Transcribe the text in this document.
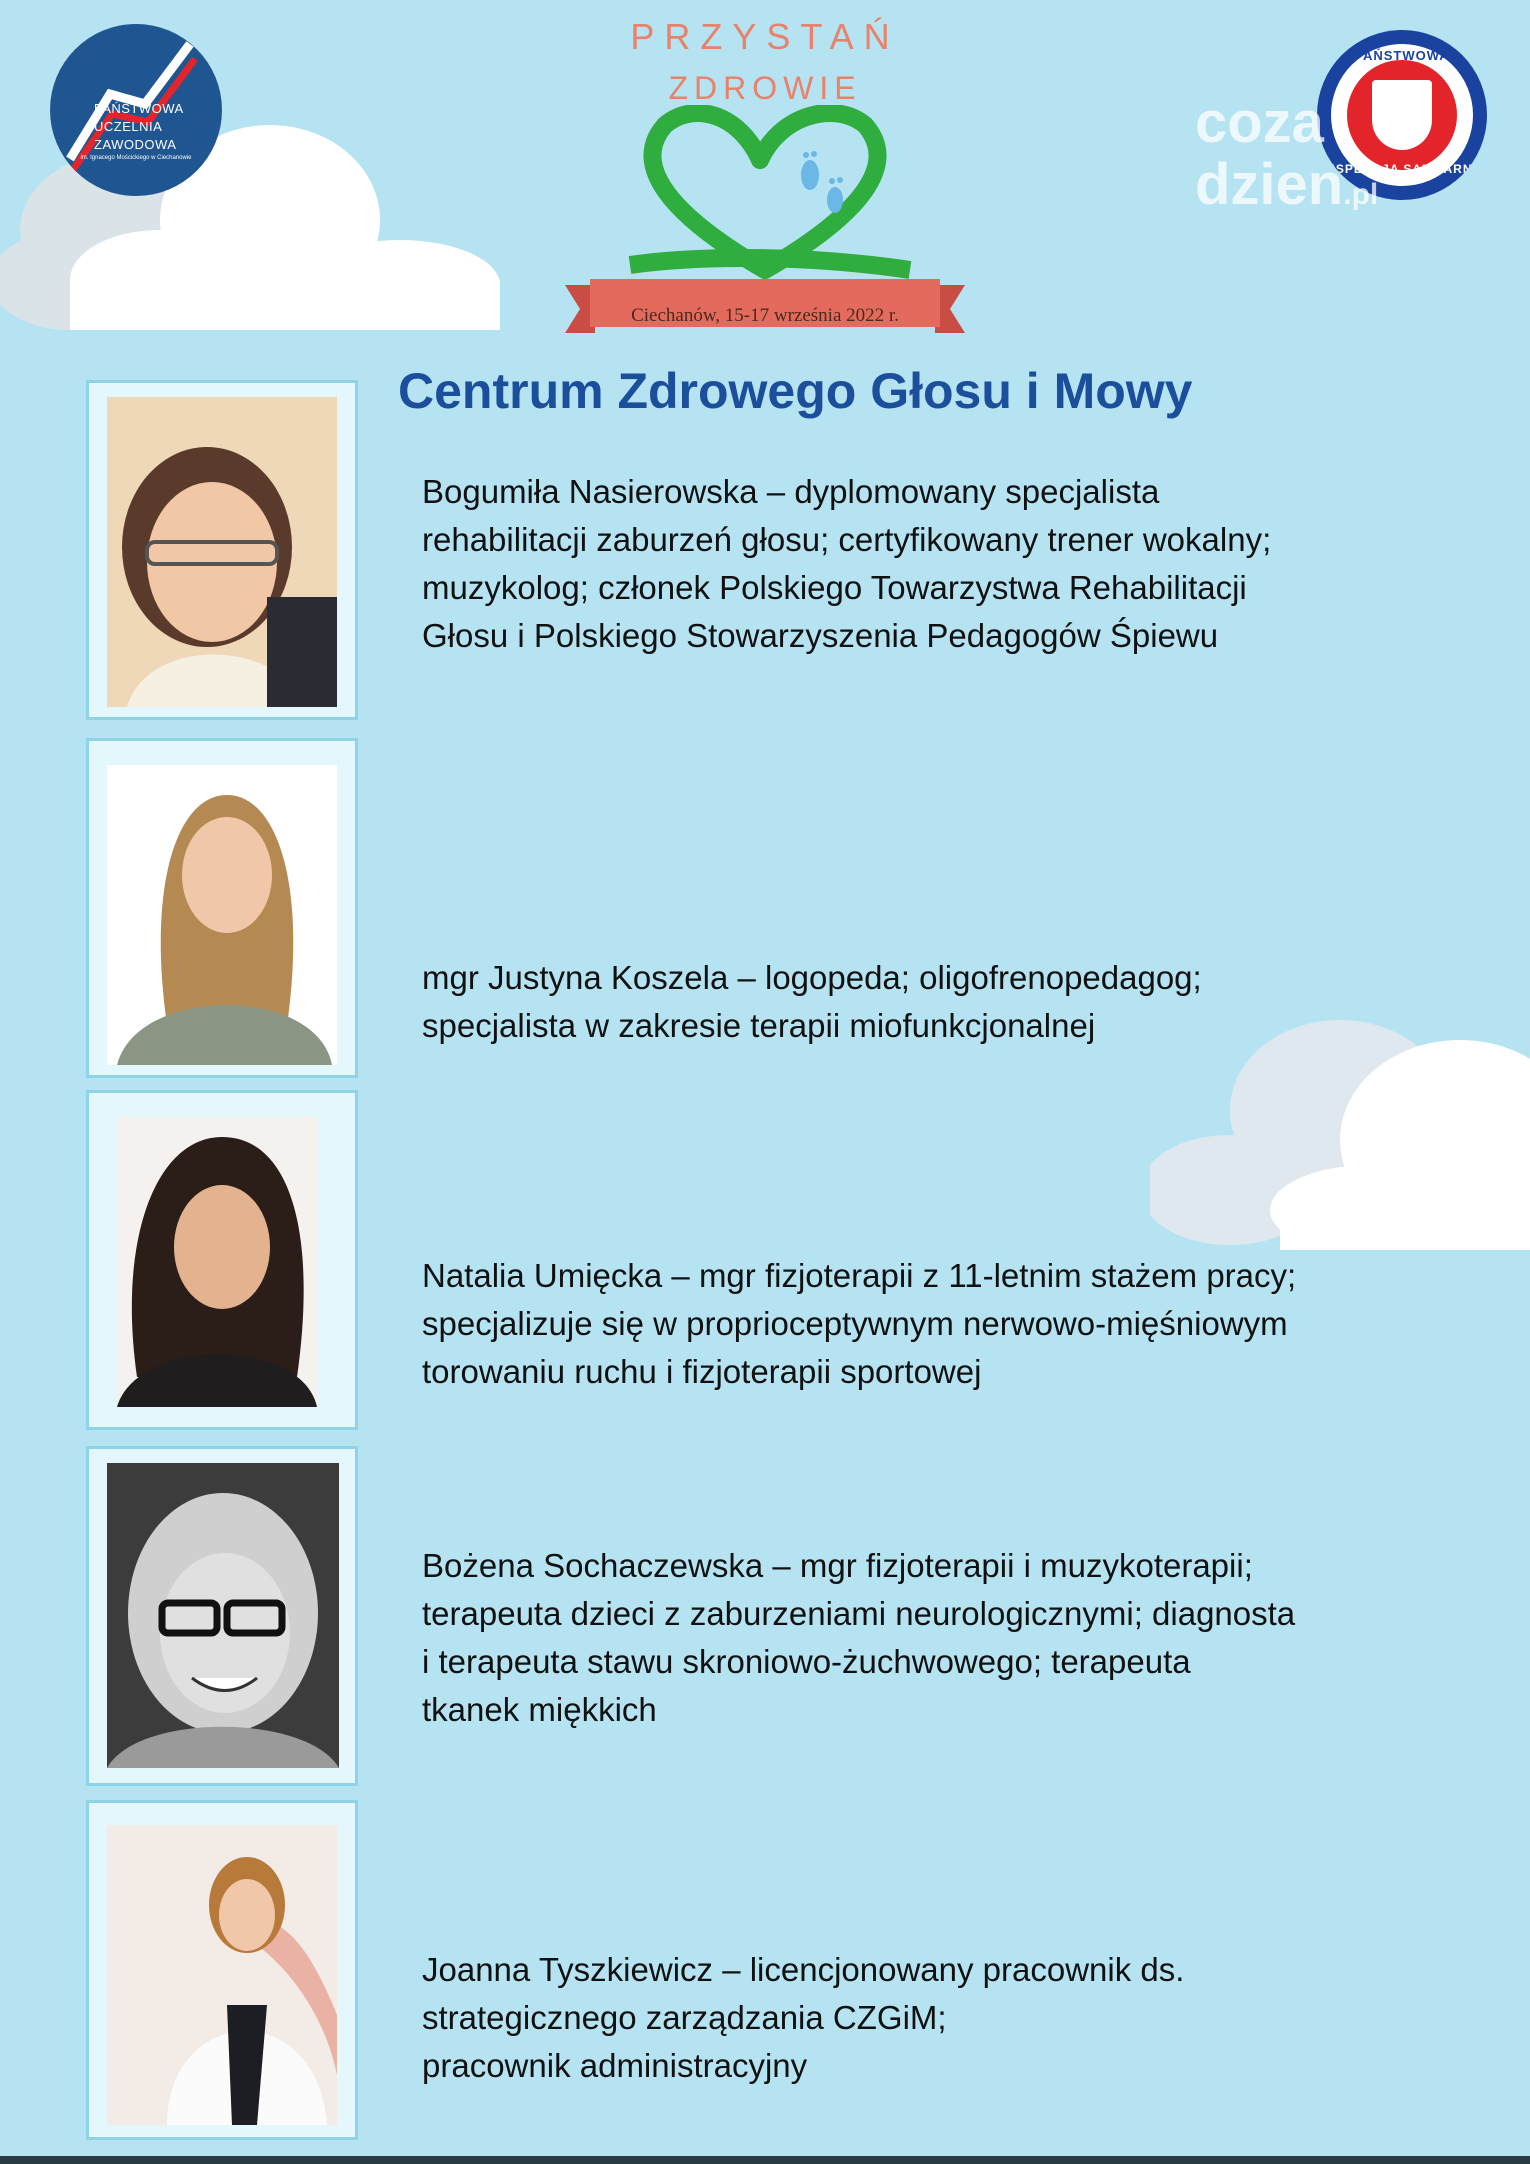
PAŃSTWOWA UCZELNIA ZAWODOWA
im. Ignacego Mościckiego w Ciechanowie
PAŃSTWOWA
INSPEKCJA SANITARNA
coza
dzien.pl
PRZYSTAŃ
ZDROWIE
Ciechanów, 15-17 września 2022 r.
Centrum Zdrowego Głosu i Mowy
Bogumiła Nasierowska – dyplomowany specjalista
rehabilitacji zaburzeń głosu; certyfikowany trener wokalny;
muzykolog; członek Polskiego Towarzystwa Rehabilitacji
Głosu i Polskiego Stowarzyszenia Pedagogów Śpiewu
mgr Justyna Koszela – logopeda; oligofrenopedagog;
specjalista w zakresie terapii miofunkcjonalnej
Natalia Umięcka – mgr fizjoterapii z 11-letnim stażem pracy;
specjalizuje się w proprioceptywnym nerwowo-mięśniowym
torowaniu ruchu i fizjoterapii sportowej
Bożena Sochaczewska – mgr fizjoterapii i muzykoterapii;
terapeuta dzieci z zaburzeniami neurologicznymi; diagnosta
i terapeuta stawu skroniowo-żuchwowego; terapeuta
tkanek miękkich
Joanna Tyszkiewicz – licencjonowany pracownik ds.
strategicznego zarządzania CZGiM;
pracownik administracyjny
